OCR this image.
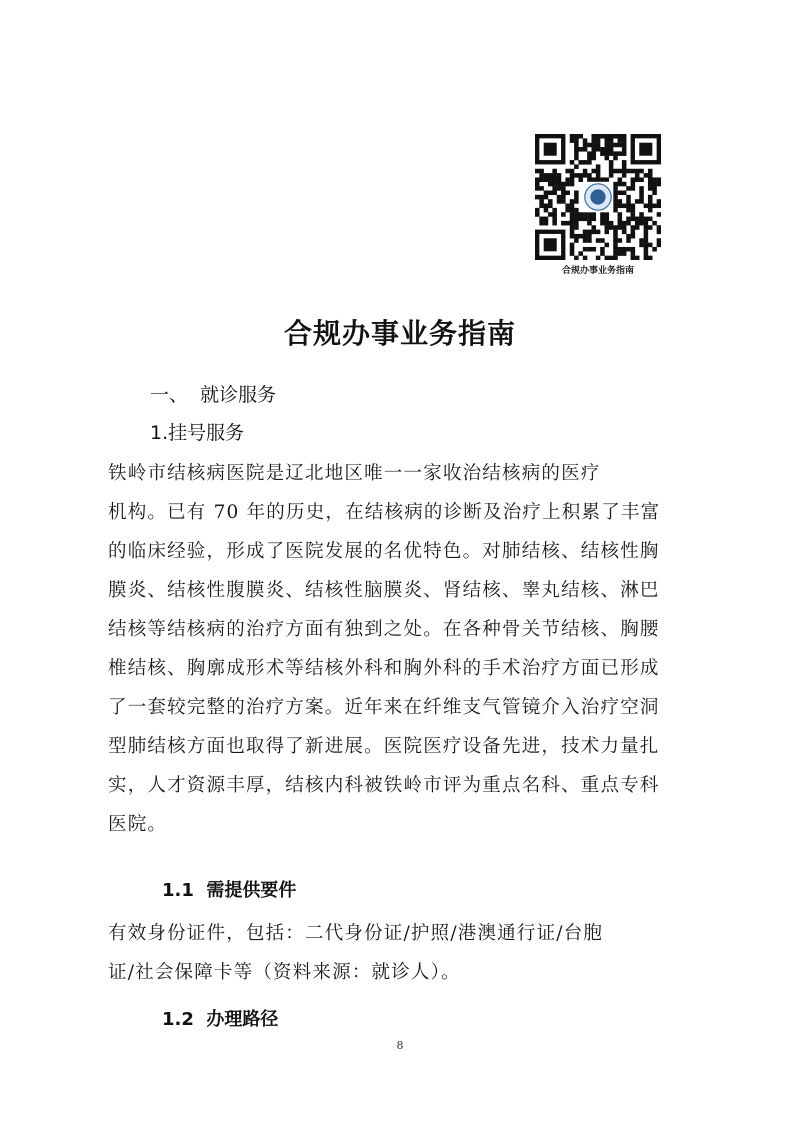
合规办事业务指南
合规办事业务指南
一、  就诊服务
1.挂号服务
铁岭市结核病医院是辽北地区唯一一家收治结核病的医疗
机构。已有 70 年的历史，在结核病的诊断及治疗上积累了丰富
的临床经验，形成了医院发展的名优特色。对肺结核、结核性胸
膜炎、结核性腹膜炎、结核性脑膜炎、肾结核、睾丸结核、淋巴
结核等结核病的治疗方面有独到之处。在各种骨关节结核、胸腰
椎结核、胸廓成形术等结核外科和胸外科的手术治疗方面已形成
了一套较完整的治疗方案。近年来在纤维支气管镜介入治疗空洞
型肺结核方面也取得了新进展。医院医疗设备先进，技术力量扎
实，人才资源丰厚，结核内科被铁岭市评为重点名科、重点专科
医院。
1.1  需提供要件
有效身份证件，包括：二代身份证/护照/港澳通行证/台胞
证/社会保障卡等（资料来源：就诊人）。
1.2  办理路径
8
